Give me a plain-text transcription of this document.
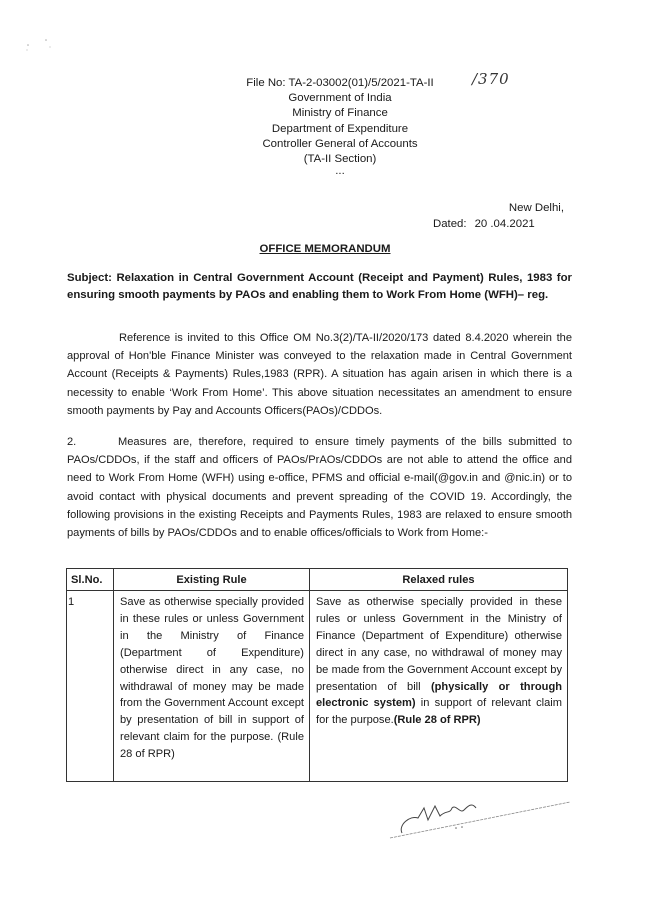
File No: TA-2-03002(01)/5/2021-TA-II	/370
Government of India
Ministry of Finance
Department of Expenditure
Controller General of Accounts
(TA-II Section)
...
New Delhi,
Dated: 20 .04.2021
OFFICE MEMORANDUM
Subject: Relaxation in Central Government Account (Receipt and Payment) Rules, 1983 for ensuring smooth payments by PAOs and enabling them to Work From Home (WFH)– reg.
Reference is invited to this Office OM No.3(2)/TA-II/2020/173 dated 8.4.2020 wherein the approval of Hon'ble Finance Minister was conveyed to the relaxation made in Central Government Account (Receipts & Payments) Rules,1983 (RPR). A situation has again arisen in which there is a necessity to enable ‘Work From Home’. This above situation necessitates an amendment to ensure smooth payments by Pay and Accounts Officers(PAOs)/CDDOs.
2.	Measures are, therefore, required to ensure timely payments of the bills submitted to PAOs/CDDOs, if the staff and officers of PAOs/PrAOs/CDDOs are not able to attend the office and need to Work From Home (WFH) using e-office, PFMS and official e-mail(@gov.in and @nic.in) or to avoid contact with physical documents and prevent spreading of the COVID 19. Accordingly, the following provisions in the existing Receipts and Payments Rules, 1983 are relaxed to ensure smooth payments of bills by PAOs/CDDOs and to enable offices/officials to Work from Home:-
Sl.No.	Existing Rule	Relaxed rules
1	Save as otherwise specially provided in these rules or unless Government in the Ministry of Finance (Department of Expenditure) otherwise direct in any case, no withdrawal of money may be made from the Government Account except by presentation of bill in support of relevant claim for the purpose. (Rule 28 of RPR)	Save as otherwise specially provided in these rules or unless Government in the Ministry of Finance (Department of Expenditure) otherwise direct in any case, no withdrawal of money may be made from the Government Account except by presentation of bill (physically or through electronic system) in support of relevant claim for the purpose.(Rule 28 of RPR)
